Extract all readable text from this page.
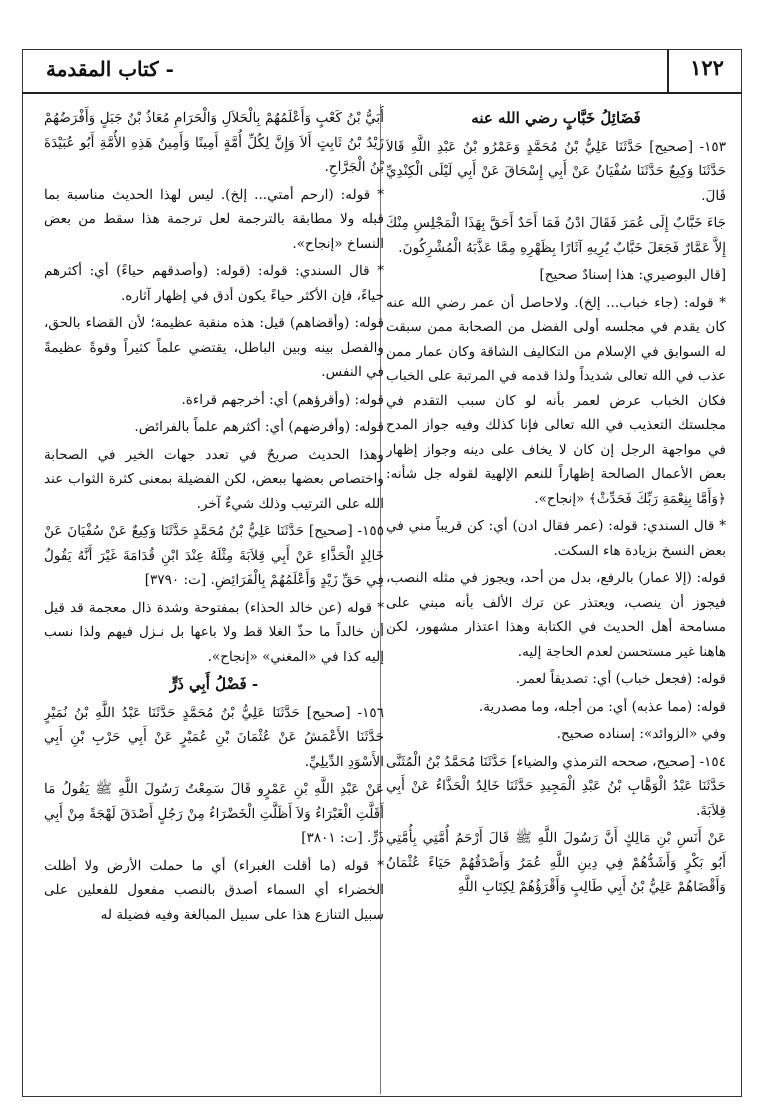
١٢٢
- كتاب المقدمة

فَضَائِلُ خَبَّابٍ رضي الله عنه

١٥٣- [صحيح] حَدَّثَنَا عَلِيُّ بْنُ مُحَمَّدٍ وَعَمْرُو بْنُ عَبْدِ اللَّهِ قَالاَ حَدَّثَنَا وَكِيعٌ حَدَّثَنَا سُفْيَانُ عَنْ أَبِي إِسْحَاقَ عَنْ أَبِي لَيْلَى الْكِنْدِيِّ قَالَ.

جَاءَ خَبَّابٌ إِلَى عُمَرَ فَقَالَ ادْنُ فَمَا أَحَدٌ أَحَقَّ بِهَذَا الْمَجْلِسِ مِنْكَ إِلاَّ عَمَّارٌ فَجَعَلَ خَبَّابٌ يُرِيهِ آثَارًا بِظَهْرِهِ مِمَّا عَذَّبَهُ الْمُشْرِكُونَ.

[قال البوصيري: هذا إسنادٌ صحيح]

* قوله: (جاء خباب... إلخ). ولاحاصل أن عمر رضي الله عنه كان يقدم في مجلسه أولى الفضل من الصحابة ممن سبقت له السوابق في الإسلام من التكاليف الشاقة وكان عمار ممن عذب في الله تعالى شديداً ولذا قدمه في المرتبة على الخباب فكان الخباب عرض لعمر بأنه لو كان سبب التقدم في مجلستك التعذيب في الله تعالى فإنا كذلك وفيه جواز المدح في مواجهة الرجل إن كان لا يخاف على دينه وجواز إظهار بعض الأعمال الصالحة إظهاراً للنعم الإلهية لقوله جل شأنه: ﴿وَأَمَّا بِنِعْمَةِ رَبِّكَ فَحَدِّثْ﴾ «إنجاح».

* قال السندي: قوله: (عمر فقال ادن) أي: كن قريباً مني في بعض النسخ بزيادة هاء السكت.

قوله: (إلا عمار) بالرفع، بدل من أحد، ويجوز في مثله النصب، فيجوز أن ينصب، ويعتذر عن ترك الألف بأنه مبني على مسامحة أهل الحديث في الكتابة وهذا اعتذار مشهور، لكن هاهنا غير مستحسن لعدم الحاجة إليه.

قوله: (فجعل خباب) أي: تصديقاً لعمر.

قوله: (مما عذبه) أي: من أجله، وما مصدرية.

وفي «الزوائد»: إسناده صحيح.

١٥٤- [صحيح، صححه الترمذي والضياء] حَدَّثَنَا مُحَمَّدُ بْنُ الْمُثَنَّى حَدَّثَنَا عَبْدُ الْوَهَّابِ بْنُ عَبْدِ الْمَجِيدِ حَدَّثَنَا خَالِدٌ الْحَذَّاءُ عَنْ أَبِي قِلاَبَةَ.

عَنْ أَنَسِ بْنِ مَالِكٍ أَنَّ رَسُولَ اللَّهِ ﷺ قَالَ أَرْحَمُ أُمَّتِي بِأُمَّتِي أَبُو بَكْرٍ وَأَشَدُّهُمْ فِي دِينِ اللَّهِ عُمَرُ وَأَصْدَقُهُمْ حَيَاءً عُثْمَانُ وَأَقْضَاهُمْ عَلِيُّ بْنُ أَبِي طَالِبٍ وَأَقْرَؤُهُمْ لِكِتَابِ اللَّهِ

أُبَيُّ بْنُ كَعْبٍ وَأَعْلَمُهُمْ بِالْحَلاَلِ وَالْحَرَامِ مُعَاذُ بْنُ جَبَلٍ وَأَفْرَضُهُمْ زَيْدُ بْنُ ثَابِتٍ أَلاَ وَإِنَّ لِكُلِّ أُمَّةٍ أَمِينًا وَأَمِينُ هَذِهِ الأُمَّةِ أَبُو عُبَيْدَةَ بْنُ الْجَرَّاحِ.

* قوله: (ارحم أمتي... إلخ). ليس لهذا الحديث مناسبة بما قبله ولا مطابقة بالترجمة لعل ترجمة هذا سقط من بعض النساخ «إنجاح».

* قال السندي: قوله: (قوله: (وأصدقهم حياءً) أي: أكثرهم حياءً، فإن الأكثر حياءً يكون أدق في إظهار آثاره.

قوله: (وأقضاهم) قيل: هذه منقبة عظيمة؛ لأن القضاء بالحق، والفصل بينه وبين الباطل، يقتضي علماً كثيراً وقوةً عظيمةً في النفس.

قوله: (وأقرؤهم) أي: أخرجهم قراءة.

قوله: (وأفرضهم) أي: أكثرهم علماً بالفرائض.

وهذا الحديث صريحٌ في تعدد جهات الخير في الصحابة واختصاص بعضها ببعض، لكن الفضيلة بمعنى كثرة الثواب عند الله على الترتيب وذلك شيءٌ آخر.

١٥٥- [صحيح] حَدَّثَنَا عَلِيُّ بْنُ مُحَمَّدٍ حَدَّثَنَا وَكِيعٌ عَنْ سُفْيَانَ عَنْ خَالِدٍ الْحَذَّاءِ عَنْ أَبِي قِلاَبَةَ مِثْلَهُ عِنْدَ ابْنِ قُدَامَةَ غَيْرَ أَنَّهُ يَقُولُ فِي حَقِّ زَيْدٍ وَأَعْلَمُهُمْ بِالْفَرَائِضِ. [ت: ٣٧٩٠]

* قوله (عن خالد الحذاء) بمفتوحة وشدة ذال معجمة قد قيل أن خالداً ما حذّ الغلا قط ولا باعها بل نـزل فيهم ولذا نسب إليه كذا في «المغني» «إنجاح».

- فَضْلُ أَبِي ذَرٍّ

١٥٦- [صحيح] حَدَّثَنَا عَلِيُّ بْنُ مُحَمَّدٍ حَدَّثَنَا عَبْدُ اللَّهِ بْنُ نُمَيْرٍ حَدَّثَنَا الأَعْمَشُ عَنْ عُثْمَانَ بْنِ عُمَيْرٍ عَنْ أَبِي حَرْبِ بْنِ أَبِي الأَسْوَدِ الدِّيلِيِّ.

عَنْ عَبْدِ اللَّهِ بْنِ عَمْرٍو قَالَ سَمِعْتُ رَسُولَ اللَّهِ ﷺ يَقُولُ مَا أَقَلَّتِ الْغَبْرَاءُ وَلاَ أَظَلَّتِ الْخَضْرَاءُ مِنْ رَجُلٍ أَصْدَقَ لَهْجَةً مِنْ أَبِي ذَرٍّ. [ت: ٣٨٠١]

* قوله (ما أقلت الغبراء) أي ما حملت الأرض ولا أظلت الخضراء أي السماء أصدق بالنصب مفعول للفعلين على سبيل التنازع هذا على سبيل المبالغة وفيه فضيلة له
